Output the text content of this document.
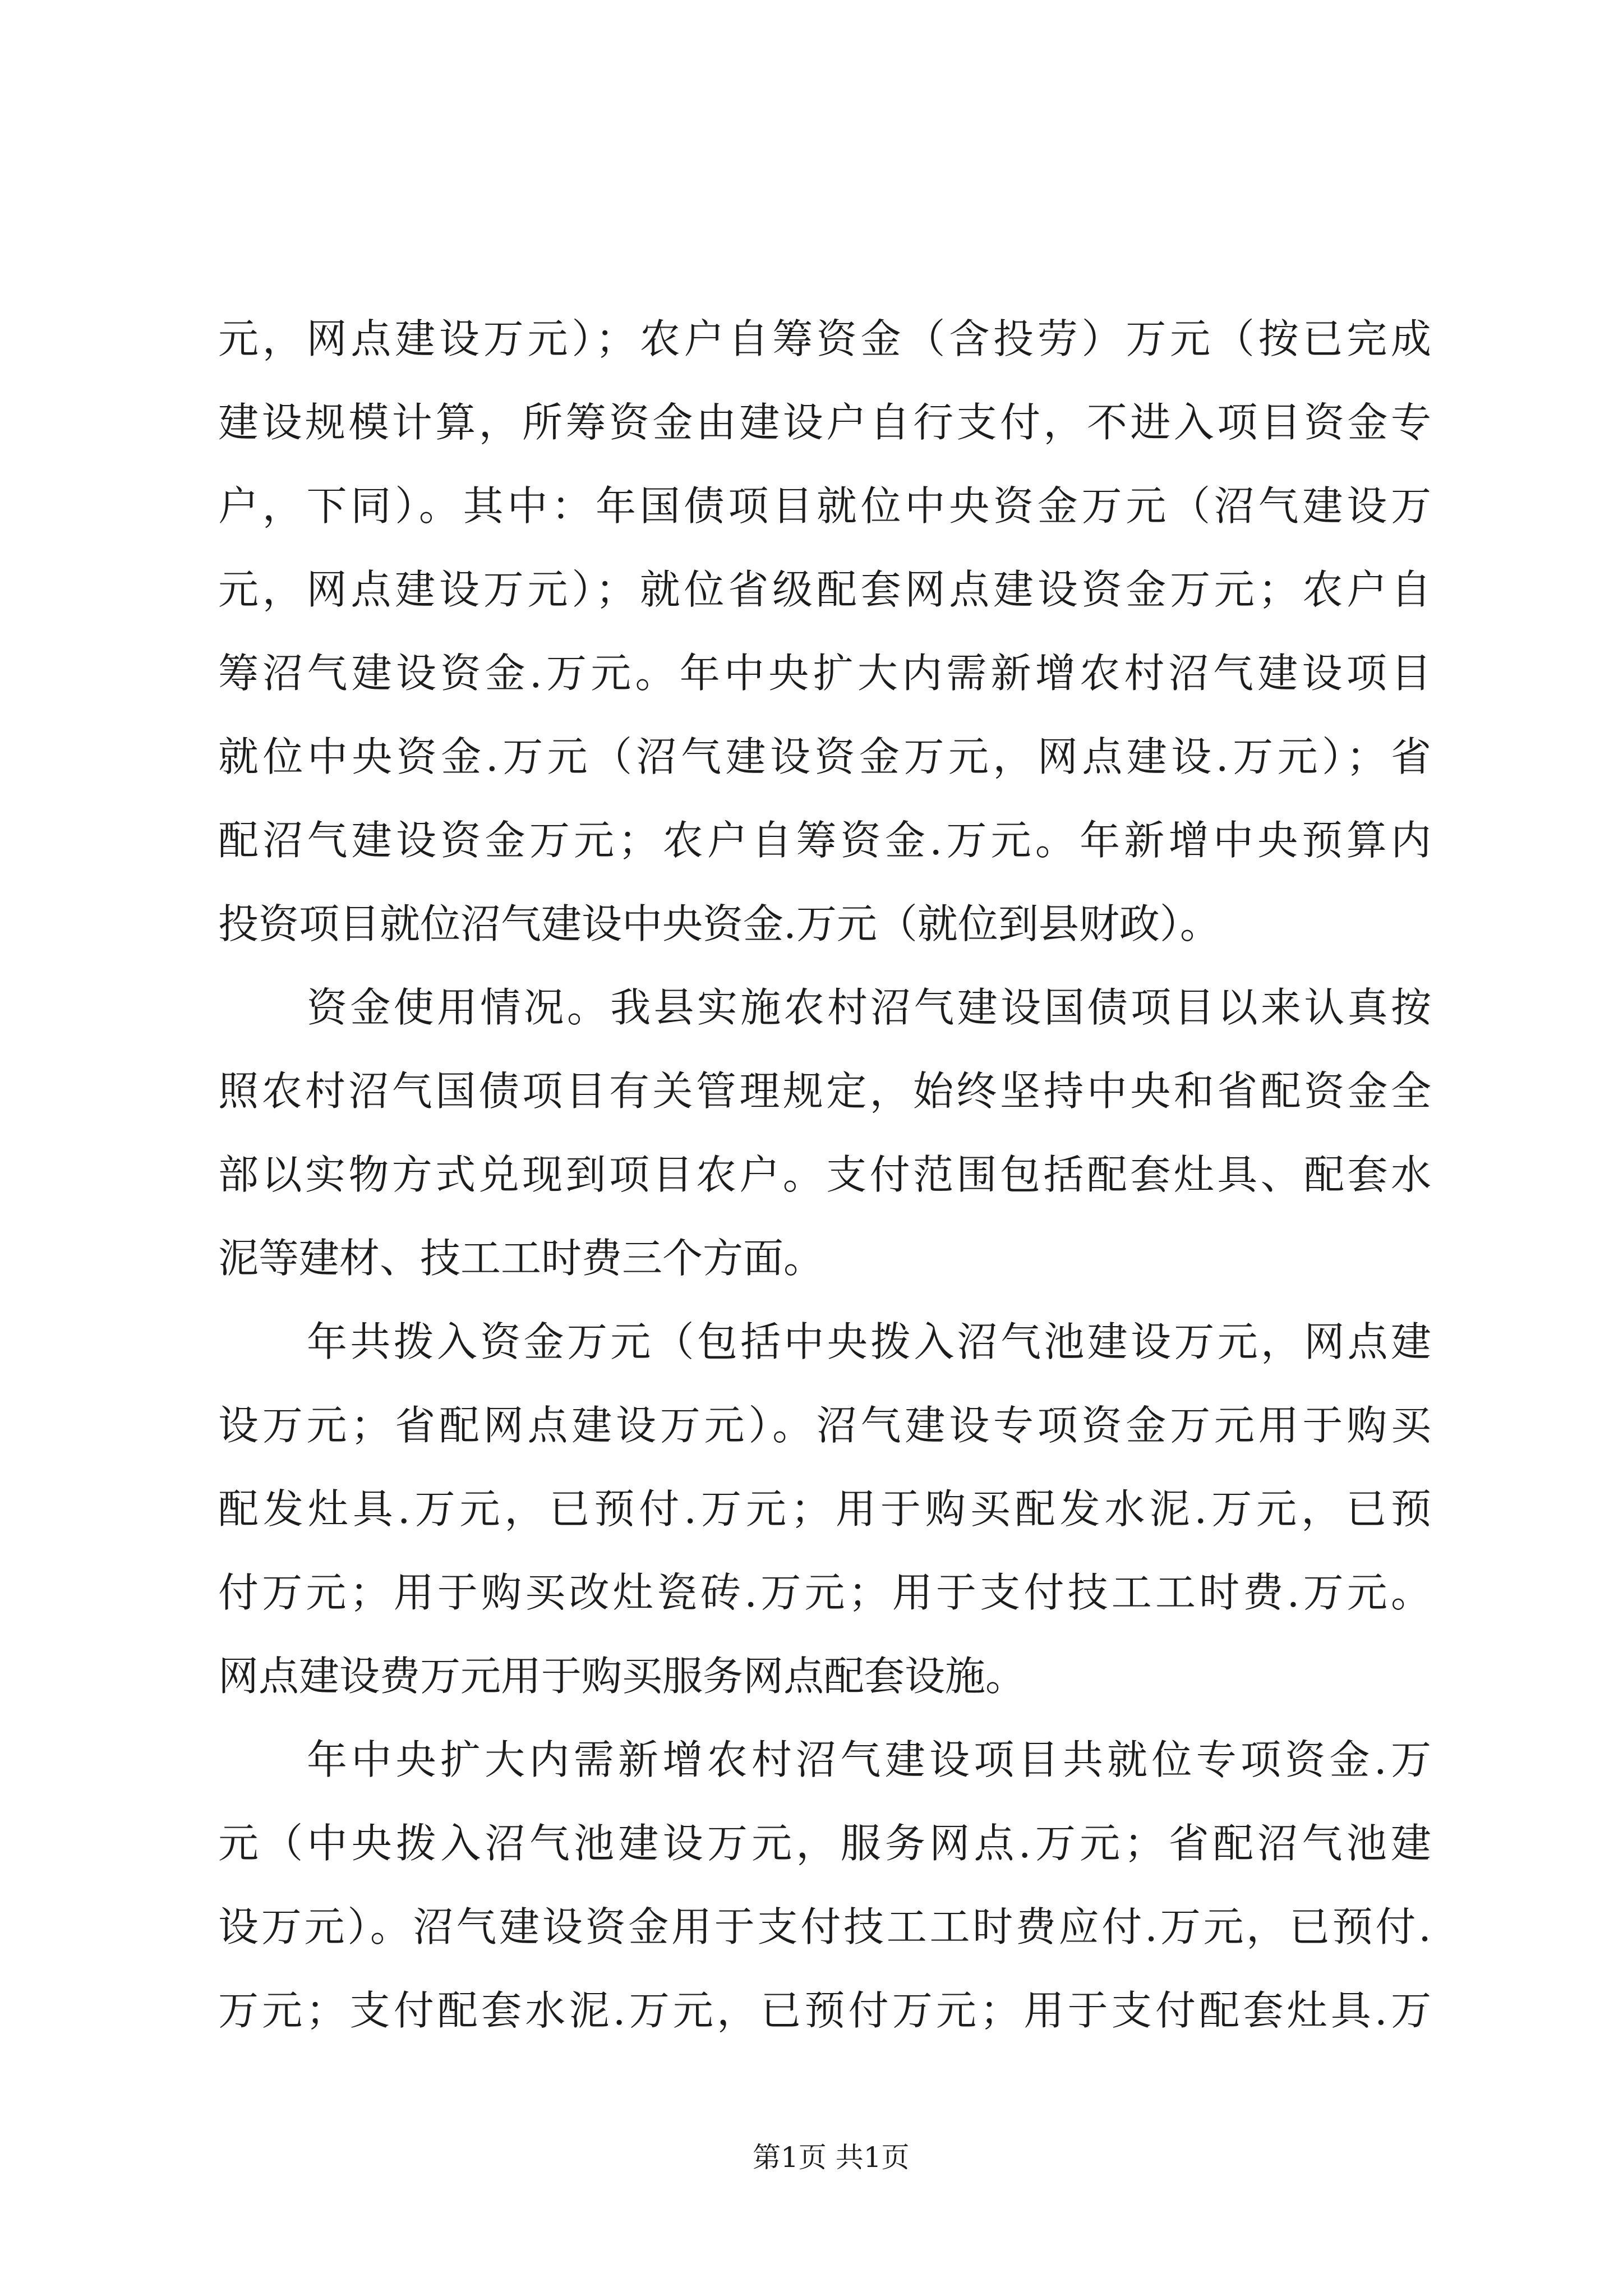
元，网点建设万元）；农户自筹资金（含投劳）万元（按已完成
建设规模计算，所筹资金由建设户自行支付，不进入项目资金专
户，下同）。其中：年国债项目就位中央资金万元（沼气建设万
元，网点建设万元）；就位省级配套网点建设资金万元；农户自
筹沼气建设资金.万元。年中央扩大内需新增农村沼气建设项目
就位中央资金.万元（沼气建设资金万元，网点建设.万元）；省
配沼气建设资金万元；农户自筹资金.万元。年新增中央预算内
投资项目就位沼气建设中央资金.万元（就位到县财政）。
资金使用情况。我县实施农村沼气建设国债项目以来认真按
照农村沼气国债项目有关管理规定，始终坚持中央和省配资金全
部以实物方式兑现到项目农户。支付范围包括配套灶具、配套水
泥等建材、技工工时费三个方面。
年共拨入资金万元（包括中央拨入沼气池建设万元，网点建
设万元；省配网点建设万元）。沼气建设专项资金万元用于购买
配发灶具.万元，已预付.万元；用于购买配发水泥.万元，已预
付万元；用于购买改灶瓷砖.万元；用于支付技工工时费.万元。
网点建设费万元用于购买服务网点配套设施。
年中央扩大内需新增农村沼气建设项目共就位专项资金.万
元（中央拨入沼气池建设万元，服务网点.万元；省配沼气池建
设万元）。沼气建设资金用于支付技工工时费应付.万元，已预付.
万元；支付配套水泥.万元，已预付万元；用于支付配套灶具.万
第1页 共1页
